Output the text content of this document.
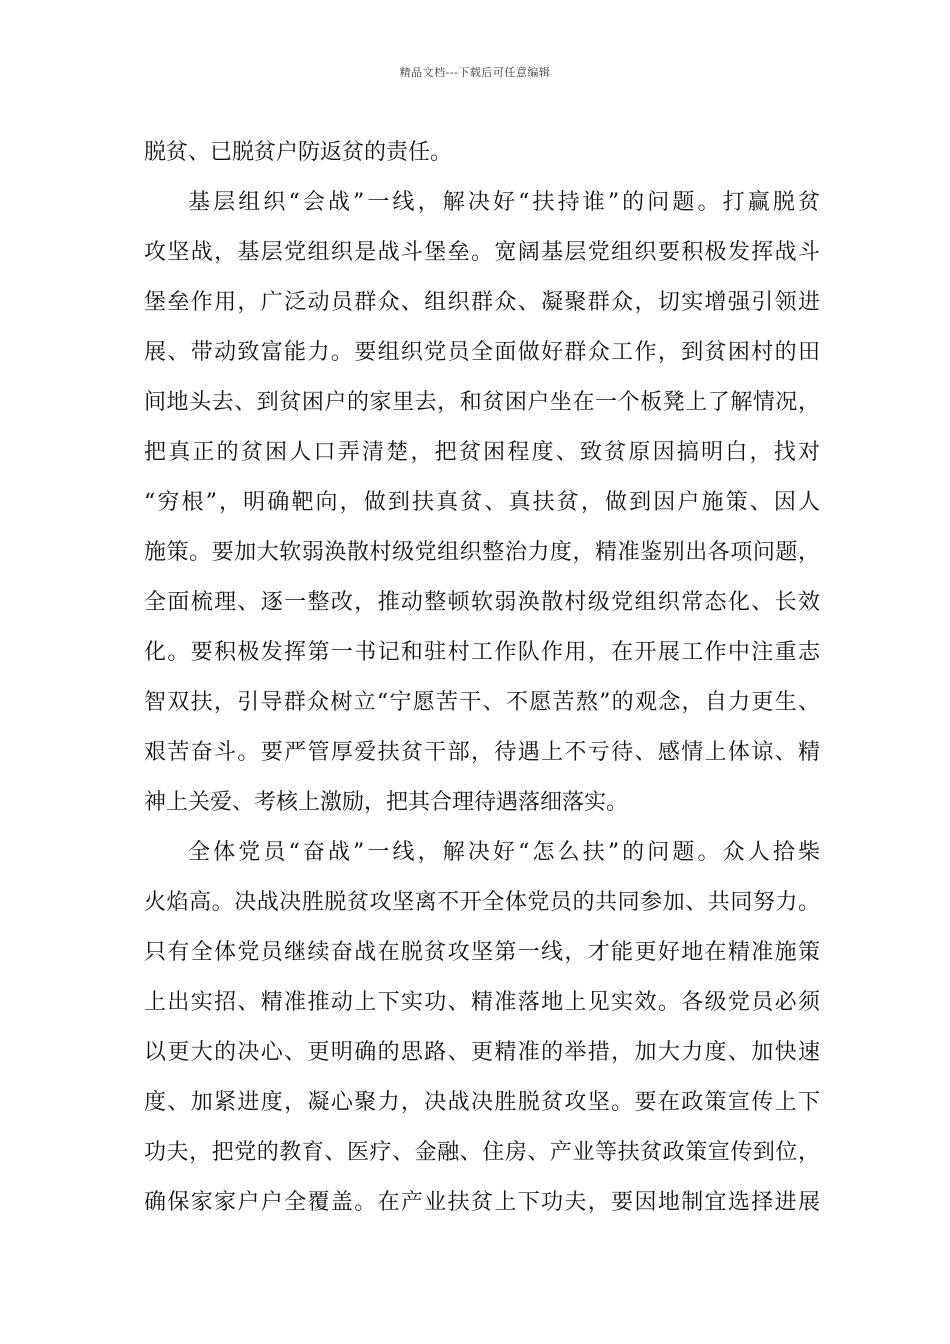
精品文档---下载后可任意编辑
脱贫、已脱贫户防返贫的责任。
基层组织“会战”一线，解决好“扶持谁”的问题。打赢脱贫
攻坚战，基层党组织是战斗堡垒。宽阔基层党组织要积极发挥战斗
堡垒作用，广泛动员群众、组织群众、凝聚群众，切实增强引领进
展、带动致富能力。要组织党员全面做好群众工作，到贫困村的田
间地头去、到贫困户的家里去，和贫困户坐在一个板凳上了解情况，
把真正的贫困人口弄清楚，把贫困程度、致贫原因搞明白，找对
“穷根”，明确靶向，做到扶真贫、真扶贫，做到因户施策、因人
施策。要加大软弱涣散村级党组织整治力度，精准鉴别出各项问题，
全面梳理、逐一整改，推动整顿软弱涣散村级党组织常态化、长效
化。要积极发挥第一书记和驻村工作队作用，在开展工作中注重志
智双扶，引导群众树立“宁愿苦干、不愿苦熬”的观念，自力更生、
艰苦奋斗。要严管厚爱扶贫干部，待遇上不亏待、感情上体谅、精
神上关爱、考核上激励，把其合理待遇落细落实。
全体党员“奋战”一线，解决好“怎么扶”的问题。众人拾柴
火焰高。决战决胜脱贫攻坚离不开全体党员的共同参加、共同努力。
只有全体党员继续奋战在脱贫攻坚第一线，才能更好地在精准施策
上出实招、精准推动上下实功、精准落地上见实效。各级党员必须
以更大的决心、更明确的思路、更精准的举措，加大力度、加快速
度、加紧进度，凝心聚力，决战决胜脱贫攻坚。要在政策宣传上下
功夫，把党的教育、医疗、金融、住房、产业等扶贫政策宣传到位，
确保家家户户全覆盖。在产业扶贫上下功夫，要因地制宜选择进展
